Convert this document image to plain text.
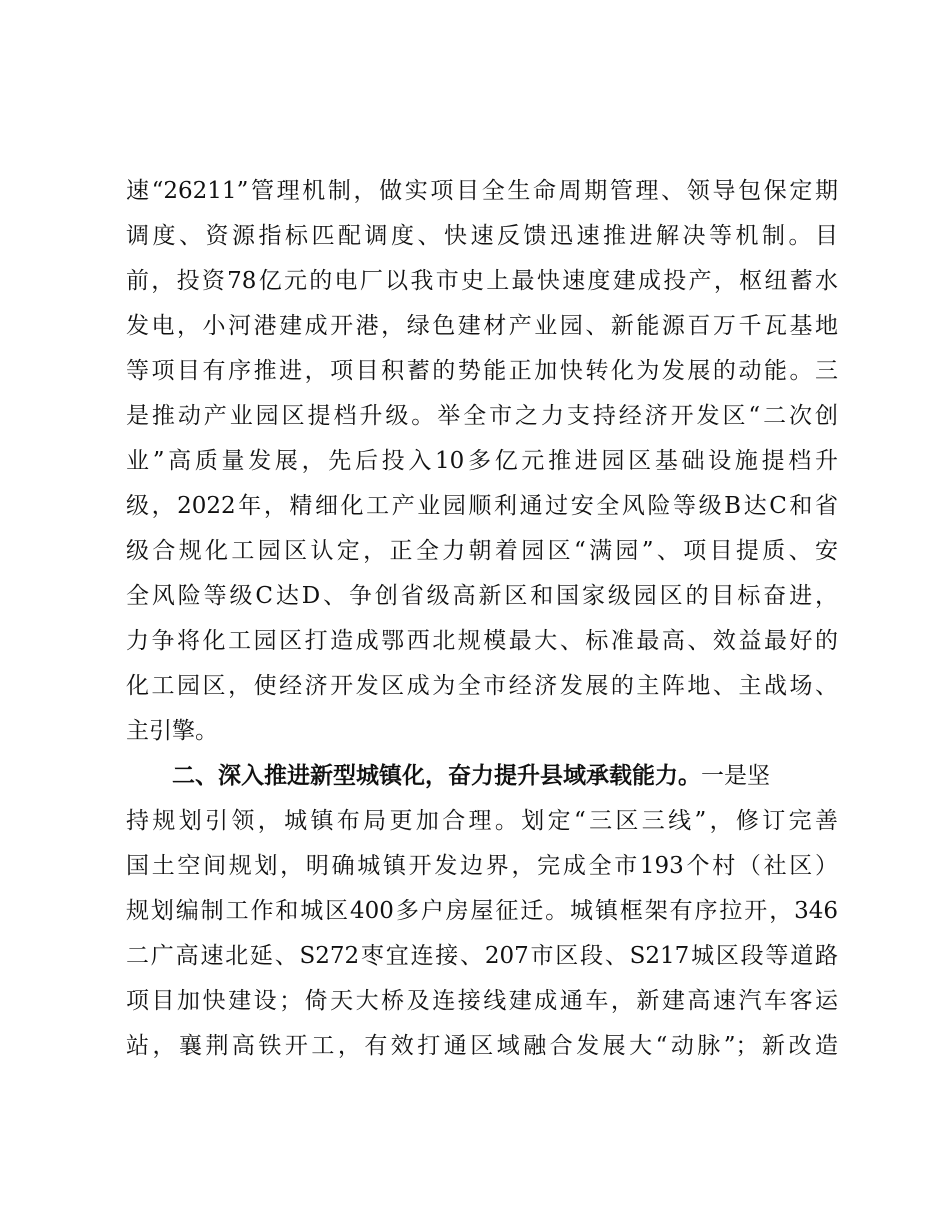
速“26211”管理机制，做实项目全生命周期管理、领导包保定期
调度、资源指标匹配调度、快速反馈迅速推进解决等机制。目
前，投资78亿元的电厂以我市史上最快速度建成投产，枢纽蓄水
发电，小河港建成开港，绿色建材产业园、新能源百万千瓦基地
等项目有序推进，项目积蓄的势能正加快转化为发展的动能。三
是推动产业园区提档升级。举全市之力支持经济开发区“二次创
业”高质量发展，先后投入10多亿元推进园区基础设施提档升
级，2022年，精细化工产业园顺利通过安全风险等级B达C和省
级合规化工园区认定，正全力朝着园区“满园”、项目提质、安
全风险等级C达D、争创省级高新区和国家级园区的目标奋进，
力争将化工园区打造成鄂西北规模最大、标准最高、效益最好的
化工园区，使经济开发区成为全市经济发展的主阵地、主战场、
主引擎。
二、深入推进新型城镇化，奋力提升县域承载能力。一是坚
持规划引领，城镇布局更加合理。划定“三区三线”，修订完善
国土空间规划，明确城镇开发边界，完成全市193个村（社区）
规划编制工作和城区400多户房屋征迁。城镇框架有序拉开，346
二广高速北延、S272枣宜连接、207市区段、S217城区段等道路
项目加快建设；倚天大桥及连接线建成通车，新建高速汽车客运
站，襄荆高铁开工，有效打通区域融合发展大“动脉”；新改造
